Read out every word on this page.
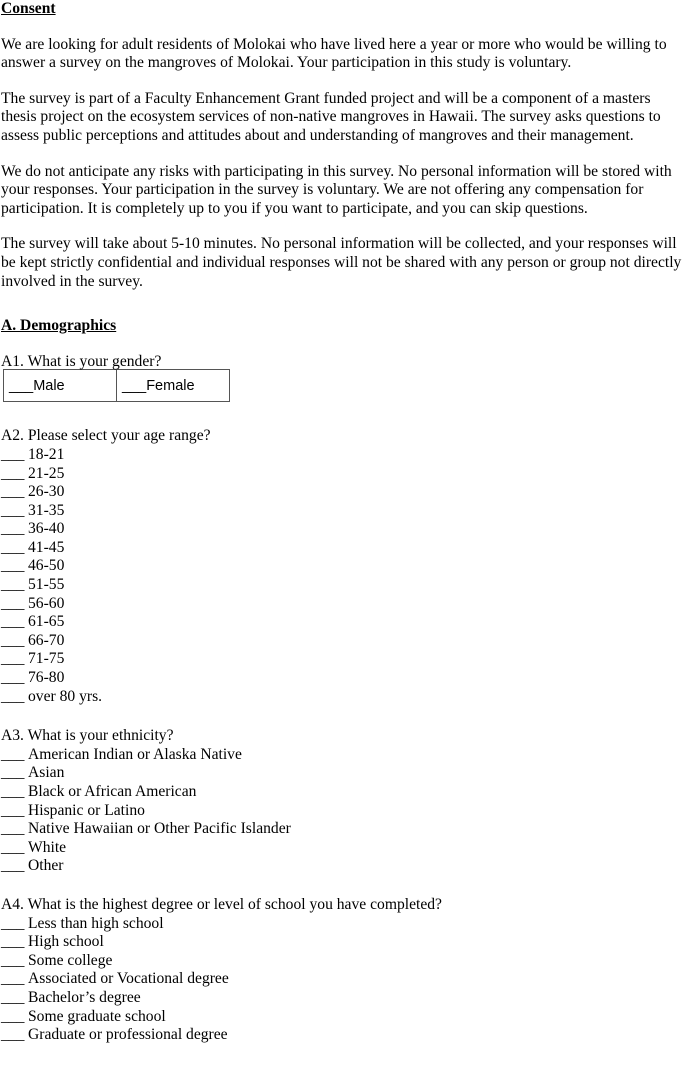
Consent

We are looking for adult residents of Molokai who have lived here a year or more who would be willing to answer a survey on the mangroves of Molokai. Your participation in this study is voluntary.

The survey is part of a Faculty Enhancement Grant funded project and will be a component of a masters thesis project on the ecosystem services of non-native mangroves in Hawaii. The survey asks questions to assess public perceptions and attitudes about and understanding of mangroves and their management.

We do not anticipate any risks with participating in this survey. No personal information will be stored with your responses. Your participation in the survey is voluntary. We are not offering any compensation for participation. It is completely up to you if you want to participate, and you can skip questions.

The survey will take about 5-10 minutes. No personal information will be collected, and your responses will be kept strictly confidential and individual responses will not be shared with any person or group not directly involved in the survey.

A. Demographics

A1. What is your gender?

___Male	___Female

A2. Please select your age range?

___ 18-21
___ 21-25
___ 26-30
___ 31-35
___ 36-40
___ 41-45
___ 46-50
___ 51-55
___ 56-60
___ 61-65
___ 66-70
___ 71-75
___ 76-80
___ over 80 yrs.

A3. What is your ethnicity?

___ American Indian or Alaska Native
___ Asian
___ Black or African American
___ Hispanic or Latino
___ Native Hawaiian or Other Pacific Islander
___ White
___ Other

A4. What is the highest degree or level of school you have completed?

___ Less than high school
___ High school
___ Some college
___ Associated or Vocational degree
___ Bachelor’s degree
___ Some graduate school
___ Graduate or professional degree
